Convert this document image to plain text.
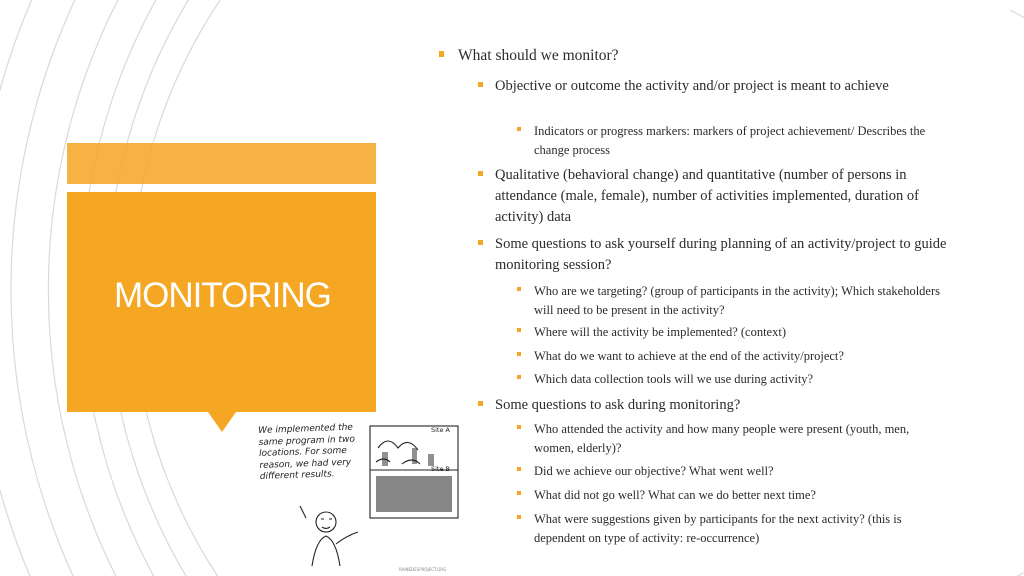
MONITORING

We implemented the same program in two locations. For some reason, we had very different results.

Site A
Site B

RAINEDESPROJECT.ORG

What should we monitor?

Objective or outcome the activity and/or project is meant to achieve

Indicators or progress markers: markers of project achievement/ Describes the change process

Qualitative (behavioral change) and quantitative (number of persons in attendance (male, female), number of activities implemented, duration of activity) data

Some questions to ask yourself during planning of an activity/project to guide monitoring session?

Who are we targeting? (group of participants in the activity); Which stakeholders will need to be present in the activity?

Where will the activity be implemented? (context)

What do we want to achieve at the end of the activity/project?

Which data collection tools will we use during activity?

Some questions to ask during monitoring?

Who attended the activity and how many people were present (youth, men, women, elderly)?

Did we achieve our objective? What went well?

What did not go well? What can we do better next time?

What were suggestions given by participants for the next activity? (this is dependent on type of activity: re-occurrence)
